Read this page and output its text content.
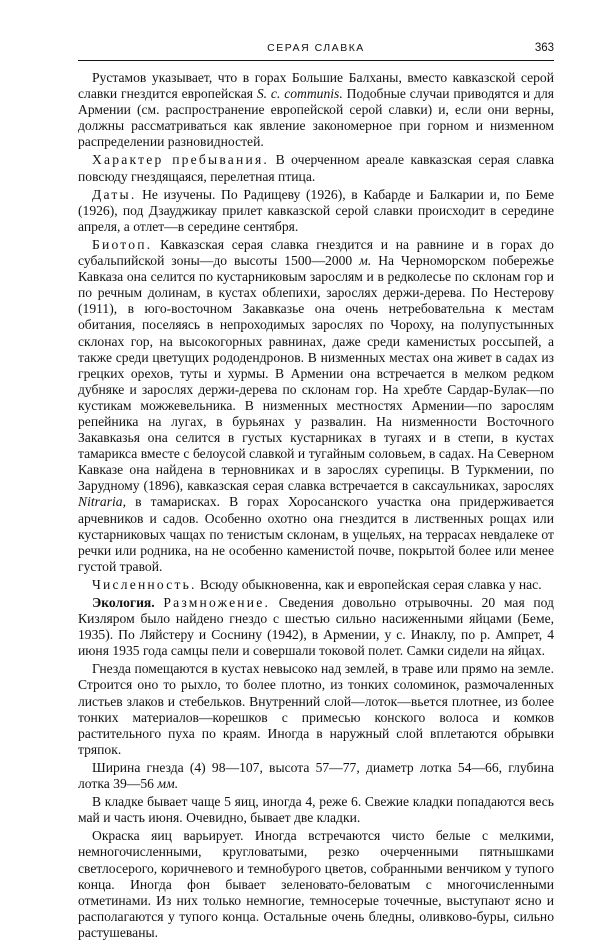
СЕРАЯ СЛАВКА	363

Рустамов указывает, что в горах Большие Балханы, вместо кавказской серой славки гнездится европейская S. c. communis. Подобные случаи приводятся и для Армении (см. распространение европейской серой славки) и, если они верны, должны рассматриваться как явление закономерное при горном и низменном распределении разновидностей.

Характер пребывания. В очерченном ареале кавказская серая славка повсюду гнездящаяся, перелетная птица.

Даты. Не изучены. По Радищеву (1926), в Кабарде и Балкарии и, по Беме (1926), под Дзауджикау прилет кавказской серой славки происходит в середине апреля, а отлет—в середине сентября.

Биотоп. Кавказская серая славка гнездится и на равнине и в горах до субальпийской зоны—до высоты 1500—2000 м. На Черноморском побережье Кавказа она селится по кустарниковым зарослям и в редколесье по склонам гор и по речным долинам, в кустах облепихи, зарослях держи-дерева. По Нестерову (1911), в юго-восточном Закавказье она очень нетребовательна к местам обитания, поселяясь в непроходимых зарослях по Чороху, на полупустынных склонах гор, на высокогорных равнинах, даже среди каменистых россыпей, а также среди цветущих рододендронов. В низменных местах она живет в садах из грецких орехов, туты и хурмы. В Армении она встречается в мелком редком дубняке и зарослях держи-дерева по склонам гор. На хребте Сардар-Булак—по кустикам можжевельника. В низменных местностях Армении—по зарослям репейника на лугах, в бурьянах у развалин. На низменности Восточного Закавказья она селится в густых кустарниках в тугаях и в степи, в кустах тамарикса вместе с белоусой славкой и тугайным соловьем, в садах. На Северном Кавказе она найдена в терновниках и в зарослях сурепицы. В Туркмении, по Зарудному (1896), кавказская серая славка встречается в саксаульниках, зарослях Nitraria, в тамарисках. В горах Хоросанского участка она придерживается арчевников и садов. Особенно охотно она гнездится в лиственных рощах или кустарниковых чащах по тенистым склонам, в ущельях, на террасах невдалеке от речки или родника, на не особенно каменистой почве, покрытой более или менее густой травой.

Численность. Всюду обыкновенна, как и европейская серая славка у нас.

Экология. Размножение. Сведения довольно отрывочны. 20 мая под Кизляром было найдено гнездо с шестью сильно насиженными яйцами (Беме, 1935). По Ляйстеру и Соснину (1942), в Армении, у с. Инаклу, по р. Ампрет, 4 июня 1935 года самцы пели и совершали токовой полет. Самки сидели на яйцах.

Гнезда помещаются в кустах невысоко над землей, в траве или прямо на земле. Строится оно то рыхло, то более плотно, из тонких соломинок, размочаленных листьев злаков и стебельков. Внутренний слой—лоток—вьется плотнее, из более тонких материалов—корешков с примесью конского волоса и комков растительного пуха по краям. Иногда в наружный слой вплетаются обрывки тряпок.

Ширина гнезда (4) 98—107, высота 57—77, диаметр лотка 54—66, глубина лотка 39—56 мм.

В кладке бывает чаще 5 яиц, иногда 4, реже 6. Свежие кладки попадаются весь май и часть июня. Очевидно, бывает две кладки.

Окраска яиц варьирует. Иногда встречаются чисто белые с мелкими, немногочисленными, кругловатыми, резко очерченными пятнышками светлосерого, коричневого и темнобурого цветов, собранными венчиком у тупого конца. Иногда фон бывает зеленовато-беловатым с многочисленными отметинами. Из них только немногие, темносерые точечные, выступают ясно и располагаются у тупого конца. Остальные очень бледны, оливково-буры, сильно растушеваны.
